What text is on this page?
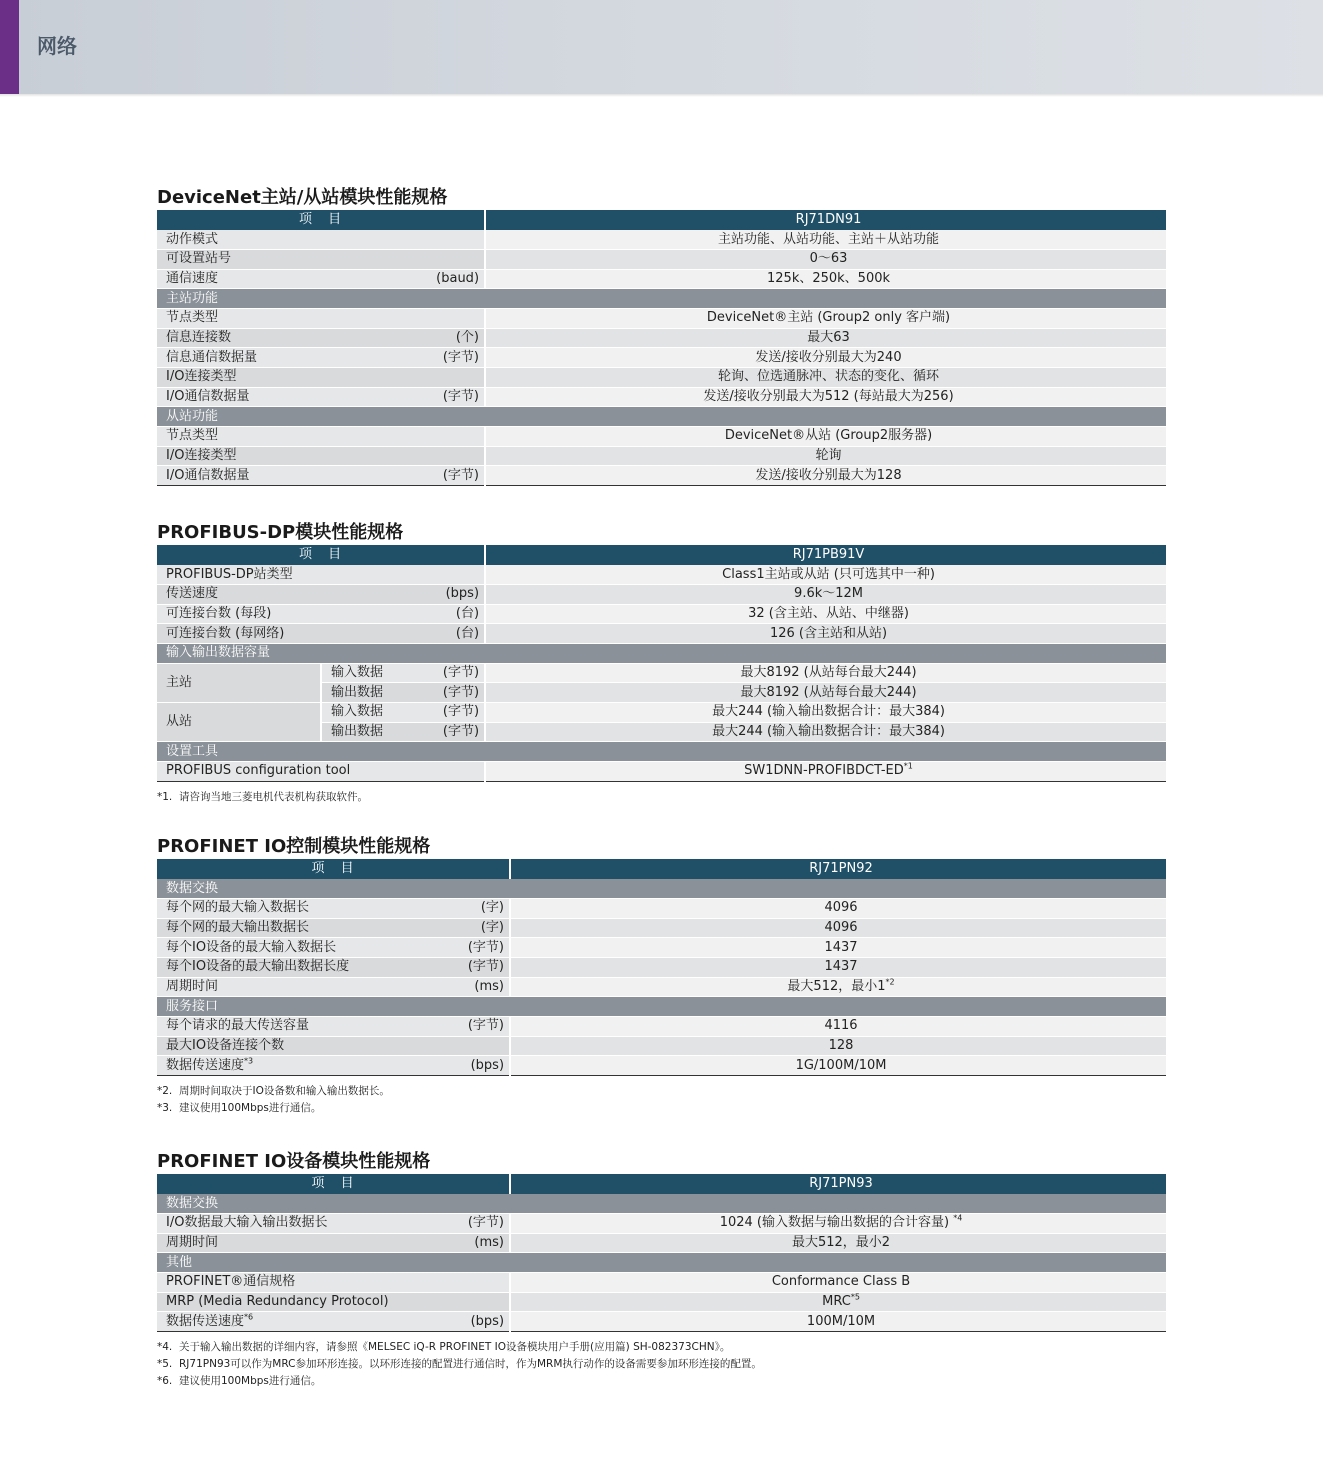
网络
DeviceNet主站/从站模块性能规格
项 目		RJ71DN91
动作模式		主站功能、从站功能、主站＋从站功能
可设置站号		0～63
通信速度	(baud)	125k、250k、500k
主站功能		
节点类型		DeviceNet®主站 (Group2 only 客户端)
信息连接数	(个)	最大63
信息通信数据量	(字节)	发送/接收分别最大为240
I/O连接类型		轮询、位选通脉冲、状态的变化、循环
I/O通信数据量	(字节)	发送/接收分别最大为512 (每站最大为256)
从站功能		
节点类型		DeviceNet®从站 (Group2服务器)
I/O连接类型		轮询
I/O通信数据量	(字节)	发送/接收分别最大为128
PROFIBUS-DP模块性能规格
项 目			RJ71PB91V
PROFIBUS-DP站类型			Class1主站或从站 (只可选其中一种)
传送速度		(bps)	9.6k～12M
可连接台数 (每段)		(台)	32 (含主站、从站、中继器)
可连接台数 (每网络)		(台)	126 (含主站和从站)
输入输出数据容量			
主站	输入数据	(字节)	最大8192 (从站每台最大244)
	输出数据	(字节)	最大8192 (从站每台最大244)
从站	输入数据	(字节)	最大244 (输入输出数据合计：最大384)
	输出数据	(字节)	最大244 (输入输出数据合计：最大384)
设置工具			
PROFIBUS configuration tool			SW1DNN-PROFIBDCT-ED$^{*1}$
*1. 请咨询当地三菱电机代表机构获取软件。
PROFINET IO控制模块性能规格
项 目		RJ71PN92
数据交换		
每个网的最大输入数据长	(字)	4096
每个网的最大输出数据长	(字)	4096
每个IO设备的最大输入数据长	(字节)	1437
每个IO设备的最大输出数据长度	(字节)	1437
周期时间	(ms)	最大512，最小1$^{*2}$
服务接口		
每个请求的最大传送容量	(字节)	4116
最大IO设备连接个数		128
数据传送速度$^{*3}$	(bps)	1G/100M/10M
*2. 周期时间取决于IO设备数和输入输出数据长。
*3. 建议使用100Mbps进行通信。
PROFINET IO设备模块性能规格
项 目		RJ71PN93
数据交换		
I/O数据最大输入输出数据长	(字节)	1024 (输入数据与输出数据的合计容量) $^{*4}$
周期时间	(ms)	最大512，最小2
其他		
PROFINET®通信规格		Conformance Class B
MRP (Media Redundancy Protocol)		MRC$^{*5}$
数据传送速度$^{*6}$	(bps)	100M/10M
*4. 关于输入输出数据的详细内容，请参照《MELSEC iQ-R PROFINET IO设备模块用户手册(应用篇) SH-082373CHN》。
*5. RJ71PN93可以作为MRC参加环形连接。以环形连接的配置进行通信时，作为MRM执行动作的设备需要参加环形连接的配置。
*6. 建议使用100Mbps进行通信。
